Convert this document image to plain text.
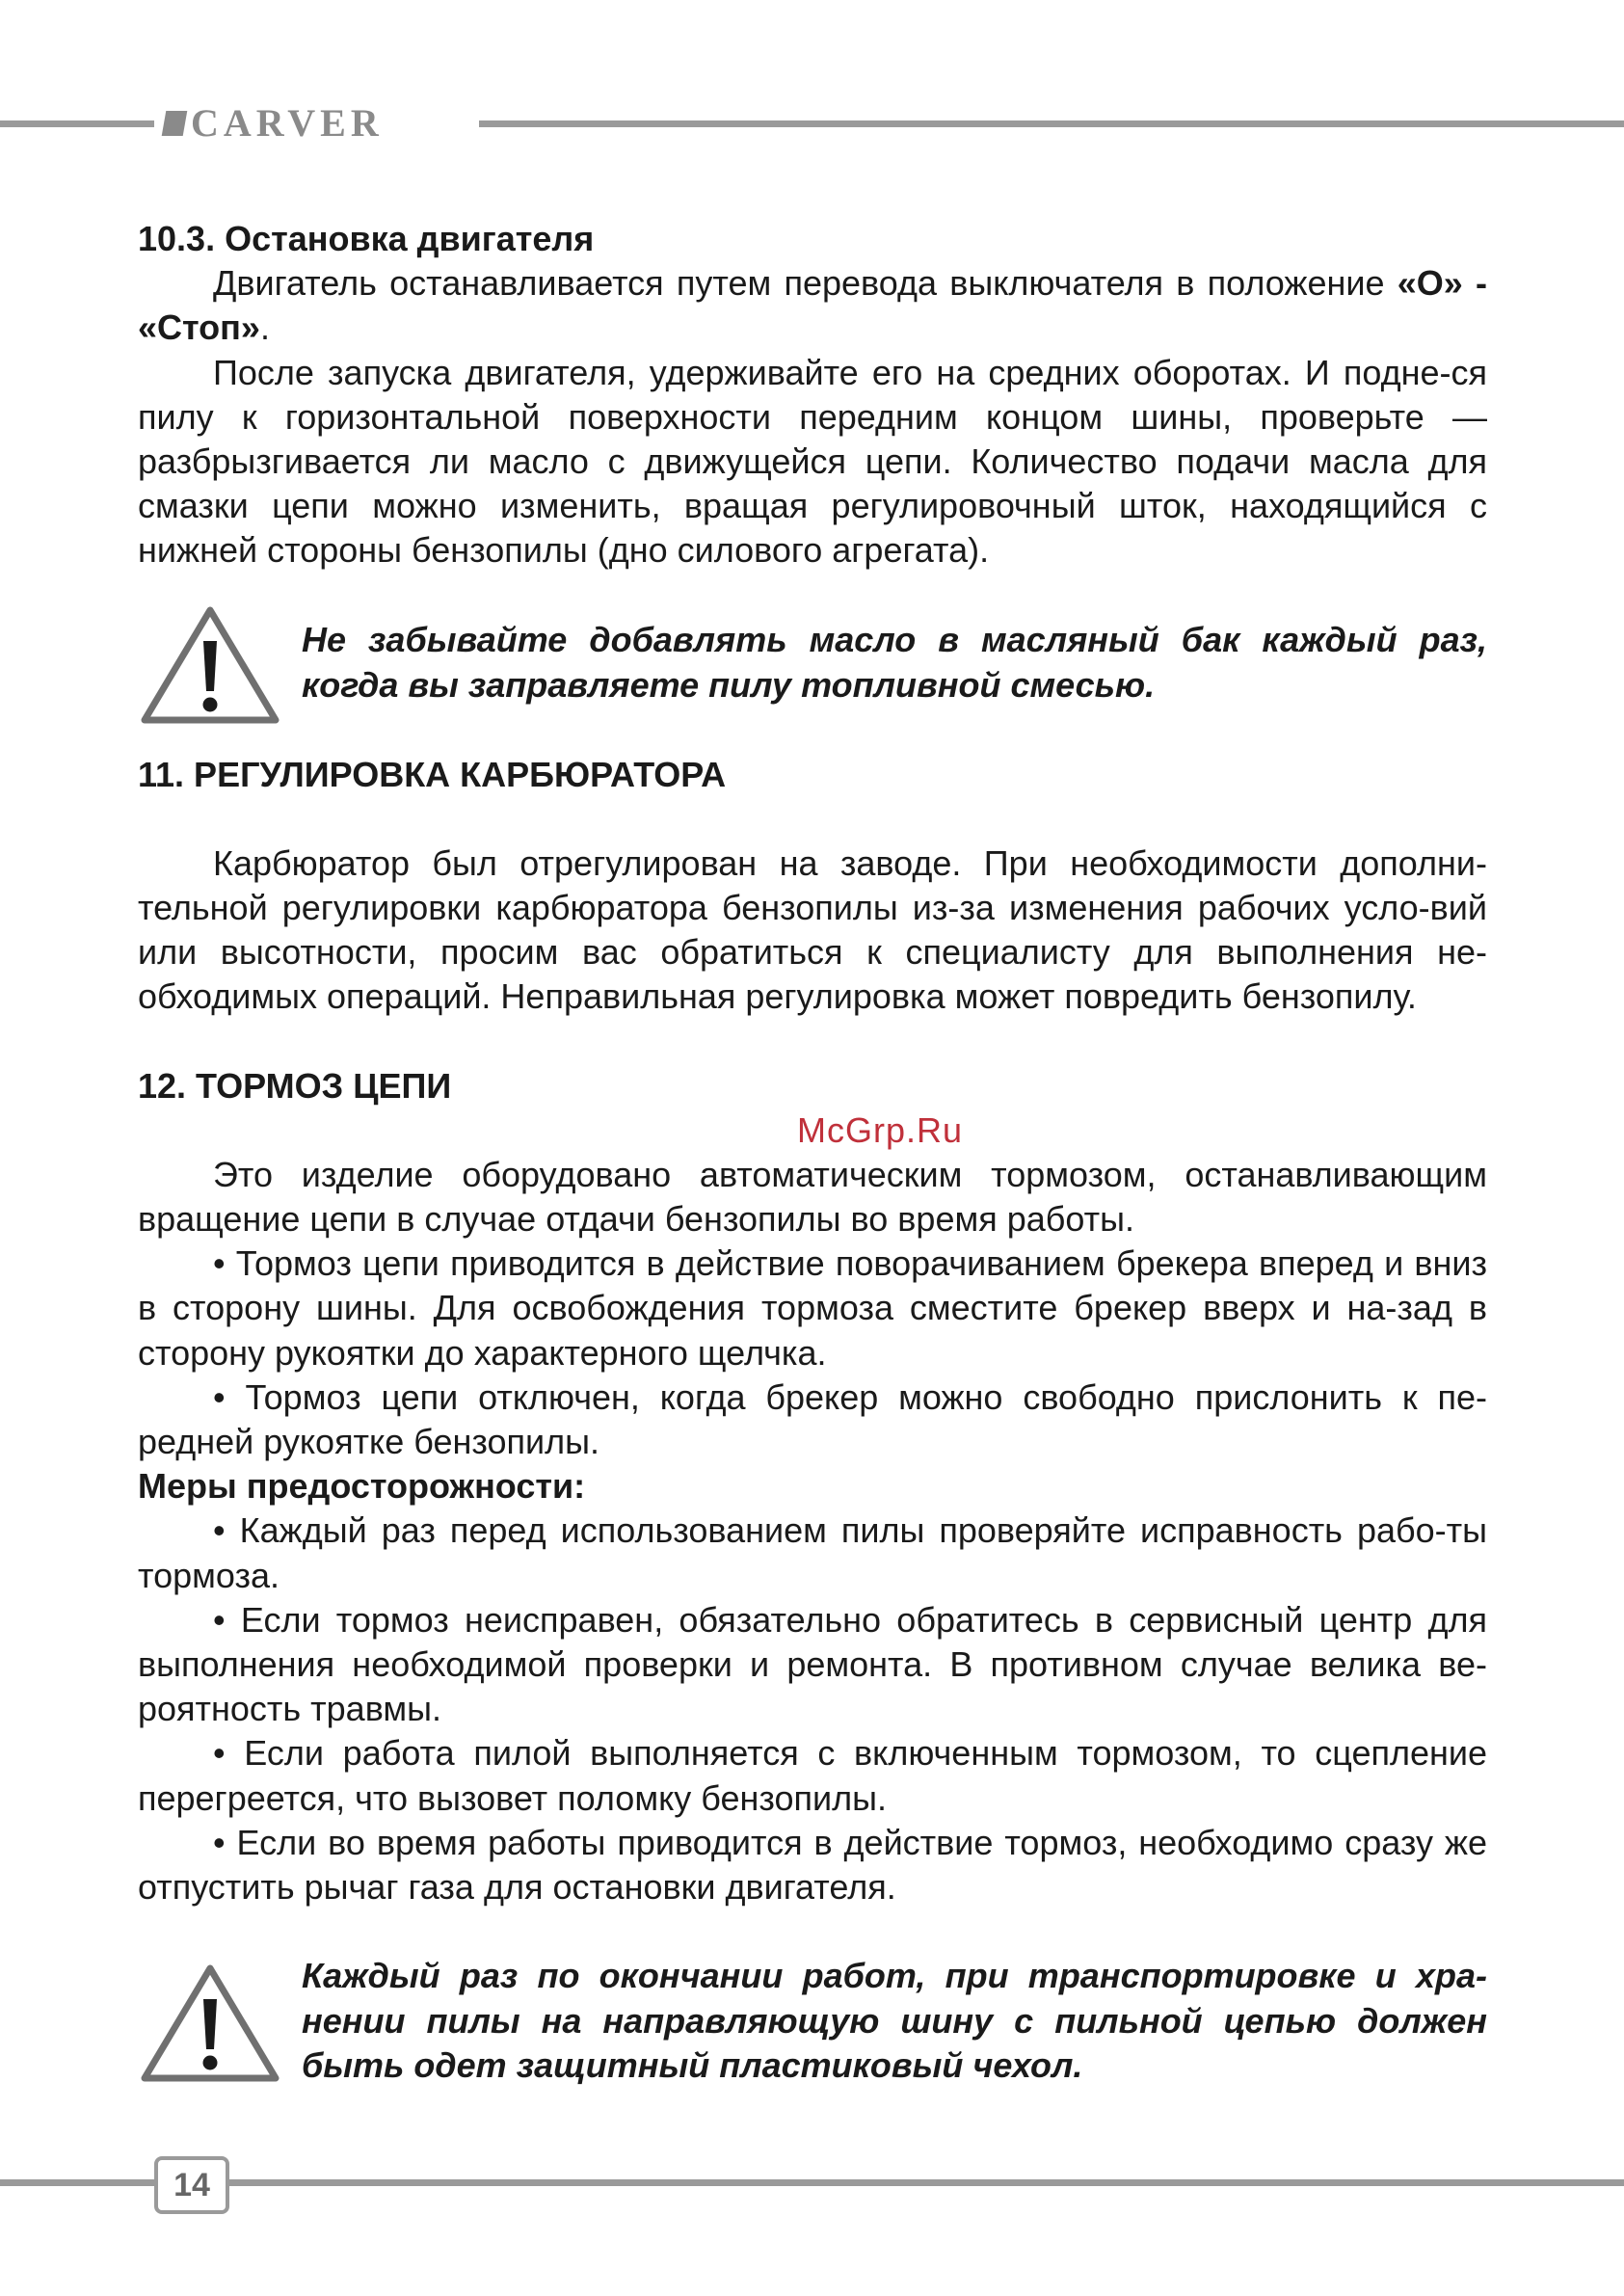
CARVER

10.3. Остановка двигателя

Двигатель останавливается путем перевода выключателя в положение «O» - «Стоп».

После запуска двигателя, удерживайте его на средних оборотах. И подне-ся пилу к горизонтальной поверхности передним концом шины, проверьте — разбрызгивается ли масло с движущейся цепи. Количество подачи масла для смазки цепи можно изменить, вращая регулировочный шток, находящийся с нижней стороны бензопилы (дно силового агрегата).

Не забывайте добавлять масло в масляный бак каждый раз, когда вы заправляете пилу топливной смесью.

11. РЕГУЛИРОВКА КАРБЮРАТОРА

Карбюратор был отрегулирован на заводе. При необходимости дополни-тельной регулировки карбюратора бензопилы из-за изменения рабочих усло-вий или высотности, просим вас обратиться к специалисту для выполнения не-обходимых операций. Неправильная регулировка может повредить бензопилу.

12. ТОРМОЗ ЦЕПИ

McGrp.Ru

Это изделие оборудовано автоматическим тормозом, останавливающим вращение цепи в случае отдачи бензопилы во время работы.

• Тормоз цепи приводится в действие поворачиванием брекера вперед и вниз в сторону шины. Для освобождения тормоза сместите брекер вверх и на-зад в сторону рукоятки до характерного щелчка.

• Тормоз цепи отключен, когда брекер можно свободно прислонить к пе-редней рукоятке бензопилы.

Меры предосторожности:

• Каждый раз перед использованием пилы проверяйте исправность рабо-ты тормоза.

• Если тормоз неисправен, обязательно обратитесь в сервисный центр для выполнения необходимой проверки и ремонта. В противном случае велика ве-роятность травмы.

• Если работа пилой выполняется с включенным тормозом, то сцепление перегреется, что вызовет поломку бензопилы.

• Если во время работы приводится в действие тормоз, необходимо сразу же отпустить рычаг газа для остановки двигателя.

Каждый раз по окончании работ, при транспортировке и хра-нении пилы на направляющую шину с пильной цепью должен быть одет защитный пластиковый чехол.

14
